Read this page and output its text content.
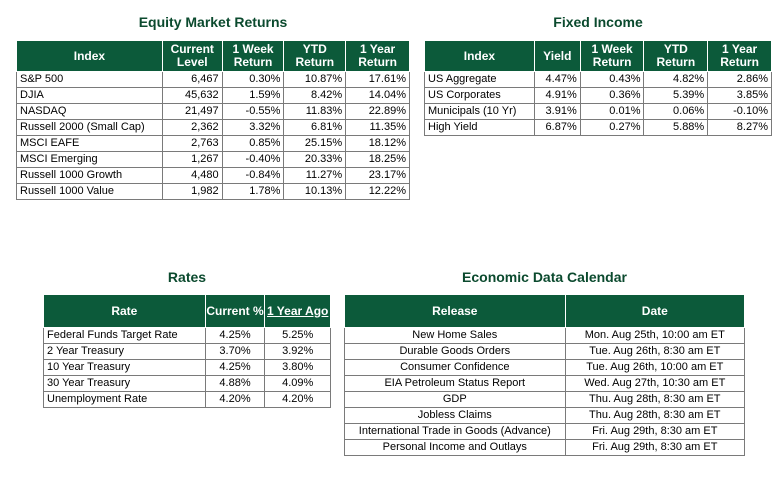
Equity Market Returns
Index	Current Level	1 Week Return	YTD Return	1 Year Return
S&P 500	6,467	0.30%	10.87%	17.61%
DJIA	45,632	1.59%	8.42%	14.04%
NASDAQ	21,497	-0.55%	11.83%	22.89%
Russell 2000 (Small Cap)	2,362	3.32%	6.81%	11.35%
MSCI EAFE	2,763	0.85%	25.15%	18.12%
MSCI Emerging	1,267	-0.40%	20.33%	18.25%
Russell 1000 Growth	4,480	-0.84%	11.27%	23.17%
Russell 1000 Value	1,982	1.78%	10.13%	12.22%
Fixed Income
Index	Yield	1 Week Return	YTD Return	1 Year Return
US Aggregate	4.47%	0.43%	4.82%	2.86%
US Corporates	4.91%	0.36%	5.39%	3.85%
Municipals (10 Yr)	3.91%	0.01%	0.06%	-0.10%
High Yield	6.87%	0.27%	5.88%	8.27%
Rates
Rate	Current %	1 Year Ago
Federal Funds Target Rate	4.25%	5.25%
2 Year Treasury	3.70%	3.92%
10 Year Treasury	4.25%	3.80%
30 Year Treasury	4.88%	4.09%
Unemployment Rate	4.20%	4.20%
Economic Data Calendar
Release	Date
New Home Sales	Mon. Aug 25th, 10:00 am ET
Durable Goods Orders	Tue. Aug 26th, 8:30 am ET
Consumer Confidence	Tue. Aug 26th, 10:00 am ET
EIA Petroleum Status Report	Wed. Aug 27th, 10:30 am ET
GDP	Thu. Aug 28th, 8:30 am ET
Jobless Claims	Thu. Aug 28th, 8:30 am ET
International Trade in Goods (Advance)	Fri. Aug 29th, 8:30 am ET
Personal Income and Outlays	Fri. Aug 29th, 8:30 am ET
